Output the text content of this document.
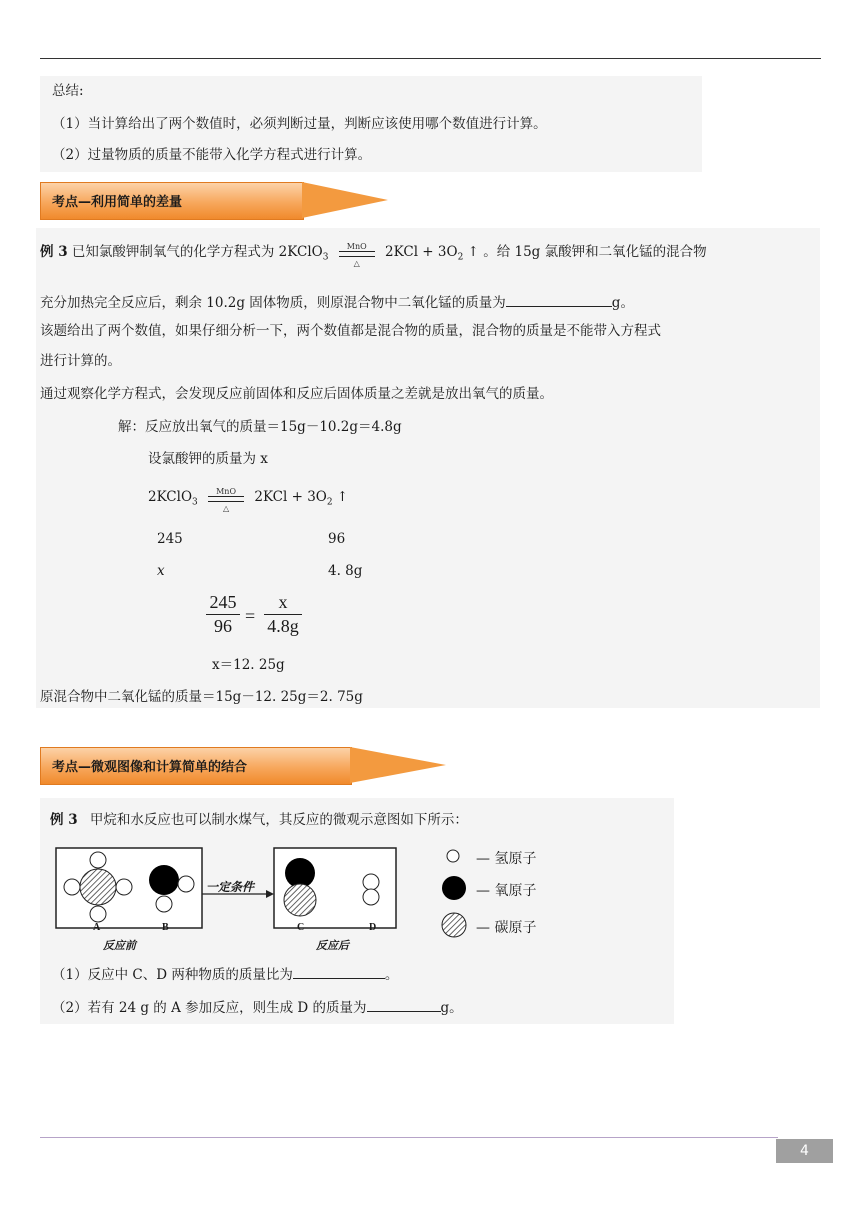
总结:
（1）当计算给出了两个数值时，必须判断过量，判断应该使用哪个数值进行计算。
（2）过量物质的质量不能带入化学方程式进行计算。
考点—利用简单的差量
例 3 已知氯酸钾制氧气的化学方程式为 2KClO$_3$
MnO
△
$2KCl + 3O_2$ ↑ 。给 15g 氯酸钾和二氧化锰的混合物
充分加热完全反应后，剩余 10.2g 固体物质，则原混合物中二氧化锰的质量为	g。
该题给出了两个数值，如果仔细分析一下，两个数值都是混合物的质量，混合物的质量是不能带入方程式
进行计算的。
通过观察化学方程式，会发现反应前固体和反应后固体质量之差就是放出氧气的质量。
解：反应放出氧气的质量＝15g－10.2g＝4.8g
设氯酸钾的质量为 x
2KClO$_3$
MnO
△
$2KCl + 3O_2$ ↑
245	96
x	4. 8g
245
96 =
x
4.8g
x＝12. 25g
原混合物中二氧化锰的质量＝15g－12. 25g＝2. 75g
考点—微观图像和计算简单的结合
例 3 甲烷和水反应也可以制水煤气，其反应的微观示意图如下所示：
一定条件
A	B	C	D
反应前	反应后
— 氢原子
— 氧原子
— 碳原子
（1）反应中 C、D 两种物质的质量比为	。
（2）若有 24 g 的 A 参加反应，则生成 D 的质量为	g。
4
